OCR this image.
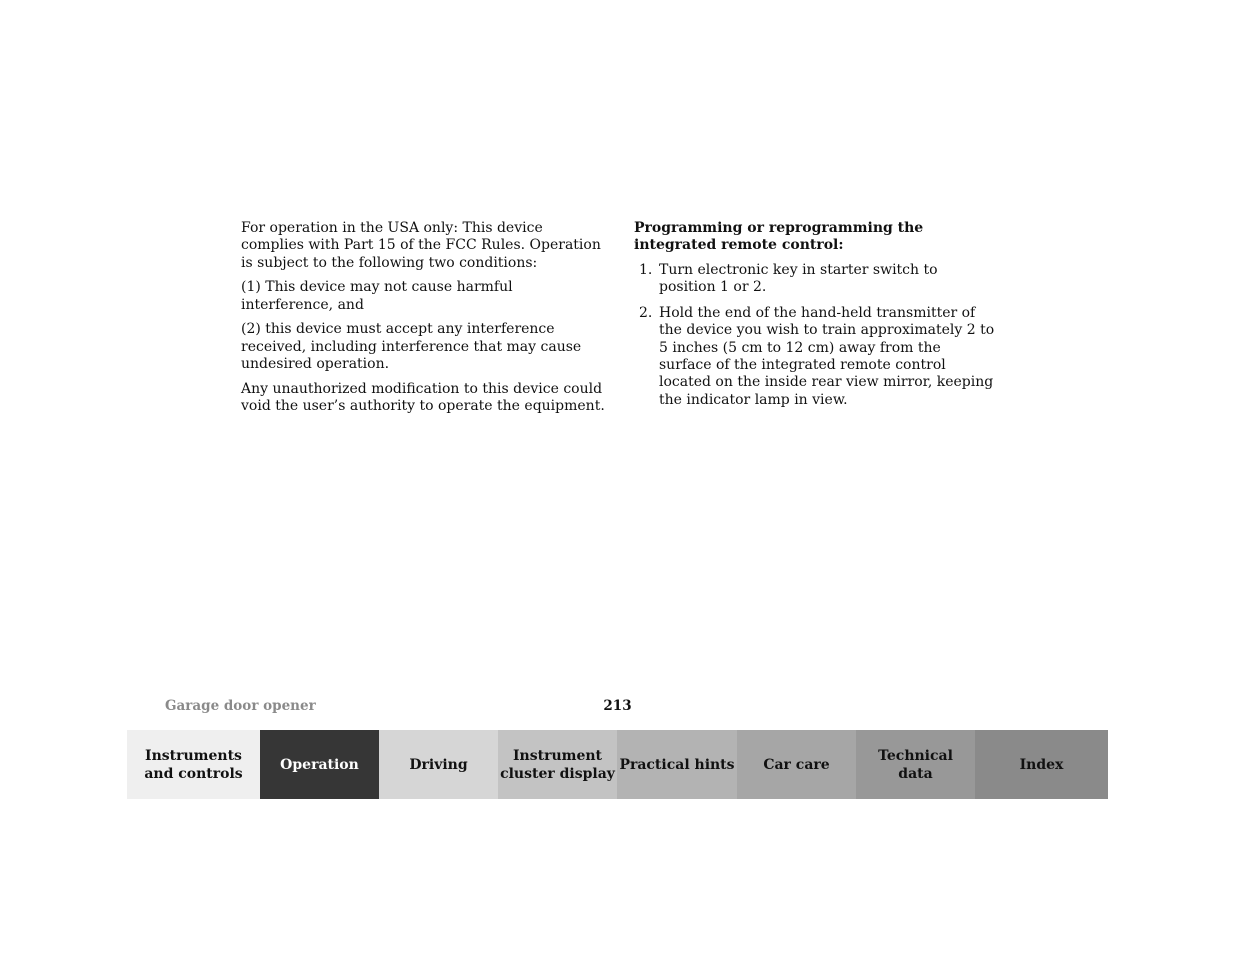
For operation in the USA only: This device complies with Part 15 of the FCC Rules. Operation is subject to the following two conditions:

(1) This device may not cause harmful interference, and

(2) this device must accept any interference received, including interference that may cause undesired operation.

Any unauthorized modification to this device could void the user’s authority to operate the equipment.

Programming or reprogramming the integrated remote control:

1. Turn electronic key in starter switch to position 1 or 2.
2. Hold the end of the hand-held transmitter of the device you wish to train approximately 2 to 5 inches (5 cm to 12 cm) away from the surface of the integrated remote control located on the inside rear view mirror, keeping the indicator lamp in view.
Garage door opener	213
Instruments
and controls
Operation	Driving
Instrument
cluster display
Practical hints Car care
Technical
data
Index
